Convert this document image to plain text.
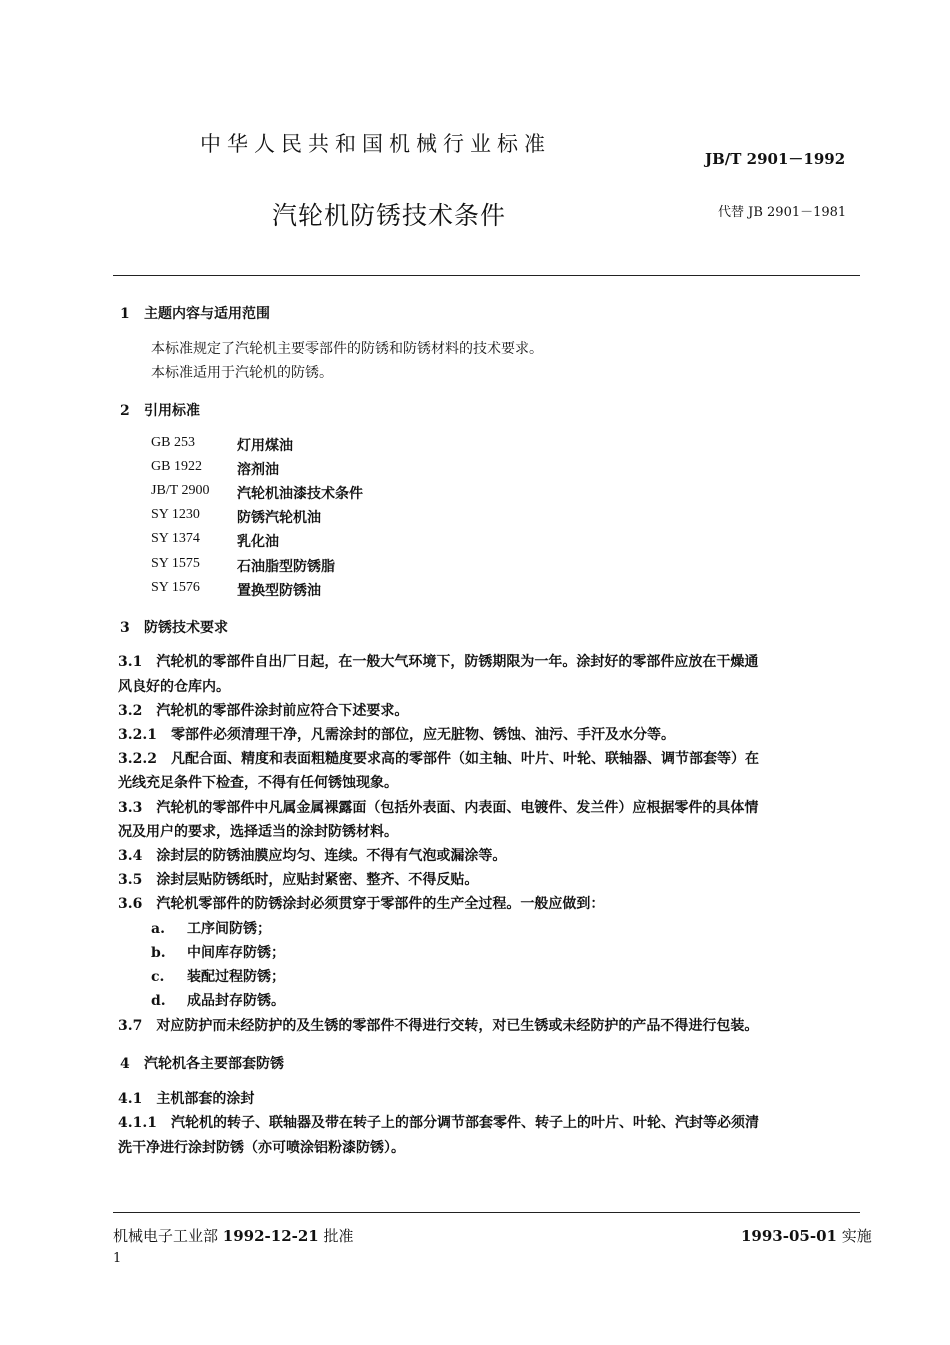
中华人民共和国机械行业标准
JB/T 2901－1992
汽轮机防锈技术条件	代替 JB 2901－1981
1 主题内容与适用范围
本标准规定了汽轮机主要零部件的防锈和防锈材料的技术要求。
本标准适用于汽轮机的防锈。
2 引用标准
GB 253	灯用煤油
GB 1922	溶剂油
JB/T 2900 汽轮机油漆技术条件
SY 1230	防锈汽轮机油
SY 1374	乳化油
SY 1575	石油脂型防锈脂
SY 1576	置换型防锈油
3 防锈技术要求
3.1 汽轮机的零部件自出厂日起，在一般大气环境下，防锈期限为一年。涂封好的零部件应放在干燥通
风良好的仓库内。
3.2 汽轮机的零部件涂封前应符合下述要求。
3.2.1 零部件必须清理干净，凡需涂封的部位，应无脏物、锈蚀、油污、手汗及水分等。
3.2.2 凡配合面、精度和表面粗糙度要求高的零部件（如主轴、叶片、叶轮、联轴器、调节部套等）在
光线充足条件下检查，不得有任何锈蚀现象。
3.3 汽轮机的零部件中凡属金属裸露面（包括外表面、内表面、电镀件、发兰件）应根据零件的具体情
况及用户的要求，选择适当的涂封防锈材料。
3.4 涂封层的防锈油膜应均匀、连续。不得有气泡或漏涂等。
3.5 涂封层贴防锈纸时，应贴封紧密、整齐、不得反贴。
3.6 汽轮机零部件的防锈涂封必须贯穿于零部件的生产全过程。一般应做到：
a. 工序间防锈；
b. 中间库存防锈；
c. 装配过程防锈；
d. 成品封存防锈。
3.7 对应防护而未经防护的及生锈的零部件不得进行交转，对已生锈或未经防护的产品不得进行包装。
4 汽轮机各主要部套防锈
4.1 主机部套的涂封
4.1.1 汽轮机的转子、联轴器及带在转子上的部分调节部套零件、转子上的叶片、叶轮、汽封等必须清
洗干净进行涂封防锈（亦可喷涂铝粉漆防锈）。
机械电子工业部 1992-12-21 批准	1993-05-01 实施
1
